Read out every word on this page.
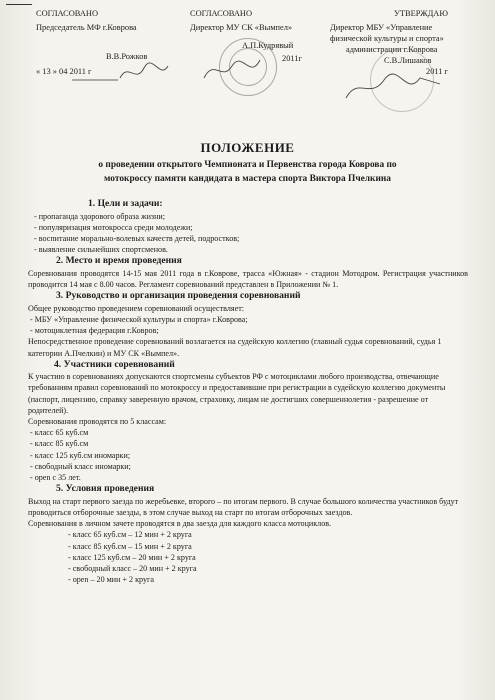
СОГЛАСОВАНО
Председатель МФ г.Коврова
В.В.Рожков
« 13 » 04 2011 г
СОГЛАСОВАНО
Директор МУ СК «Вымпел»
А.П.Кудрявый
2011г
УТВЕРЖДАЮ
Директор МБУ «Управление
физической культуры и спорта»
администрации г.Коврова
С.В.Лишаков
2011 г
ПОЛОЖЕНИЕ
о проведении открытого Чемпионата и Первенства города Коврова по
мотокроссу памяти кандидата в мастера спорта Виктора Пчелкина
1. Цели и задачи:
- пропаганда здорового образа жизни;
- популяризация мотокросса среди молодежи;
- воспитание морально-волевых качеств детей, подростков;
- выявление сильнейших спортсменов.
2. Место и время проведения
Соревнования проводятся 14-15 мая 2011 года в г.Коврове, трасса «Южная» - стадион Мотодром. Регистрация участников проводится 14 мая с 8.00 часов. Регламент соревнований представлен в Приложении № 1.
3. Руководство и организация проведения соревнований
Общее руководство проведением соревнований осуществляет:
- МБУ «Управление физической культуры и спорта» г.Коврова;
- мотоциклетная федерация г.Ковров;
Непосредственное проведение соревнований возлагается на судейскую коллегию (главный судья соревнований, судья 1 категории А.Пчелкин) и МУ СК «Вымпел».
4. Участники соревнований
К участию в соревнованиях допускаются спортсмены субъектов РФ с мотоциклами любого производства, отвечающие требованиям правил соревнований по мотокроссу и предоставившие при регистрации в судейскую коллегию документы (паспорт, лицензию, справку заверенную врачом, страховку, лицам не достигших совершеннолетия - разрешение от родителей).
Соревнования проводятся по 5 классам:
- класс 65 куб.см
- класс 85 куб.см
- класс 125 куб.см иномарки;
- свободный класс иномарки;
- open с 35 лет.
5. Условия проведения
Выход на старт первого заезда по жеребьевке, второго – по итогам первого. В случае большого количества участников будут проводиться отборочные заезды, в этом случае выход на старт по итогам отборочных заездов.
Соревнования в личном зачете проводятся в два заезда для каждого класса мотоциклов.
- класс 65 куб.см – 12 мин + 2 круга
- класс 85 куб.см – 15 мин + 2 круга
- класс 125 куб.см – 20 мин + 2 круга
- свободный класс – 20 мин + 2 круга
- open – 20 мин + 2 круга
